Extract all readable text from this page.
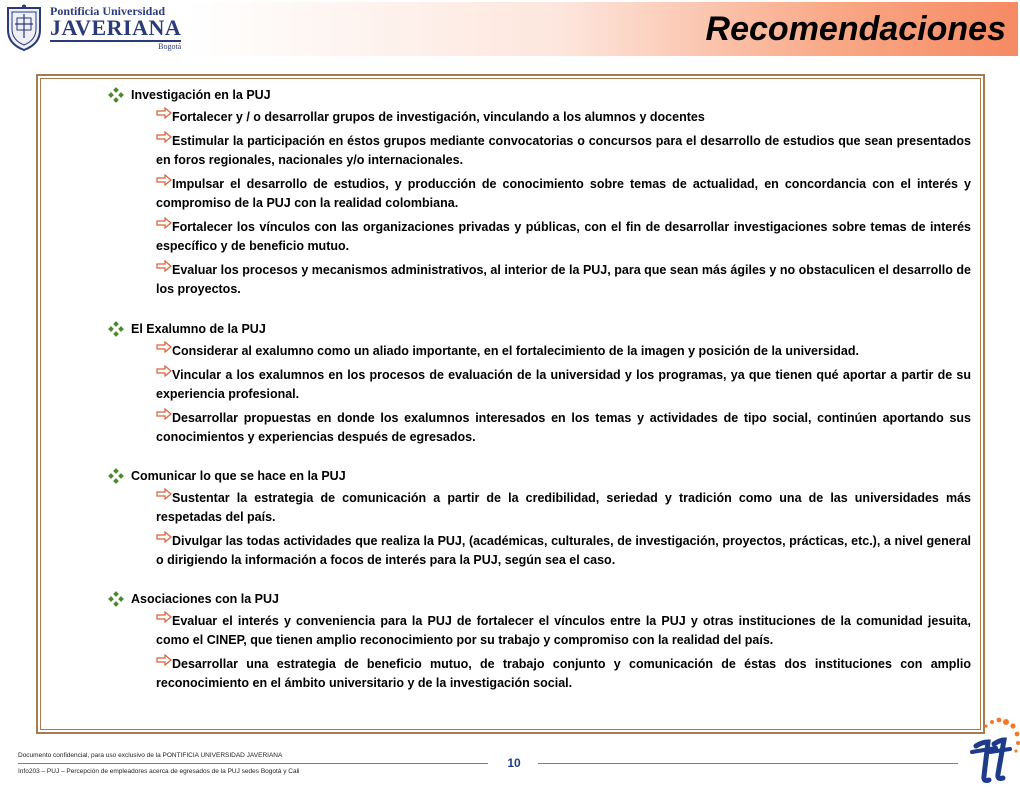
Pontificia Universidad
JAVERIANA
Bogotá	Recomendaciones
Investigación en la PUJ
Fortalecer y / o desarrollar grupos de investigación, vinculando a los alumnos y docentes
Estimular la participación en éstos grupos mediante convocatorias o concursos para el desarrollo de estudios que sean presentados en foros regionales, nacionales y/o internacionales.
Impulsar el desarrollo de estudios, y producción de conocimiento sobre temas de actualidad, en concordancia con el interés y compromiso de la PUJ con la realidad colombiana.
Fortalecer los vínculos con las organizaciones privadas y públicas, con el fin de desarrollar investigaciones sobre temas de interés específico y de beneficio mutuo.
Evaluar los procesos y mecanismos administrativos, al interior de la PUJ, para que sean más ágiles y no obstaculicen el desarrollo de los proyectos.
El Exalumno de la PUJ
Considerar al exalumno como un aliado importante, en el fortalecimiento de la imagen y posición de la universidad.
Vincular a los exalumnos en los procesos de evaluación de la universidad y los programas, ya que tienen qué aportar a partir de su experiencia profesional.
Desarrollar propuestas en donde los exalumnos interesados en los temas y actividades de tipo social, continúen aportando sus conocimientos y experiencias después de egresados.
Comunicar lo que se hace en la PUJ
Sustentar la estrategia de comunicación a partir de la credibilidad, seriedad y tradición como una de las universidades más respetadas del país.
Divulgar las todas actividades que realiza la PUJ, (académicas, culturales, de investigación, proyectos, prácticas, etc.), a nivel general o dirigiendo la información a focos de interés para la PUJ, según sea el caso.
Asociaciones con la PUJ
Evaluar el interés y conveniencia para la PUJ de fortalecer el vínculos entre la PUJ y otras instituciones de la comunidad jesuita, como el CINEP, que tienen amplio reconocimiento por su trabajo y compromiso con la realidad del país.
Desarrollar una estrategia de beneficio mutuo, de trabajo conjunto y comunicación de éstas dos instituciones con amplio reconocimiento en el ámbito universitario y de la investigación social.
Documento confidencial, para uso exclusivo de la PONTIFICIA UNIVERSIDAD JAVERIANA
10
Info203 – PUJ – Percepción de empleadores acerca de egresados de la PUJ sedes Bogotá y Cali
